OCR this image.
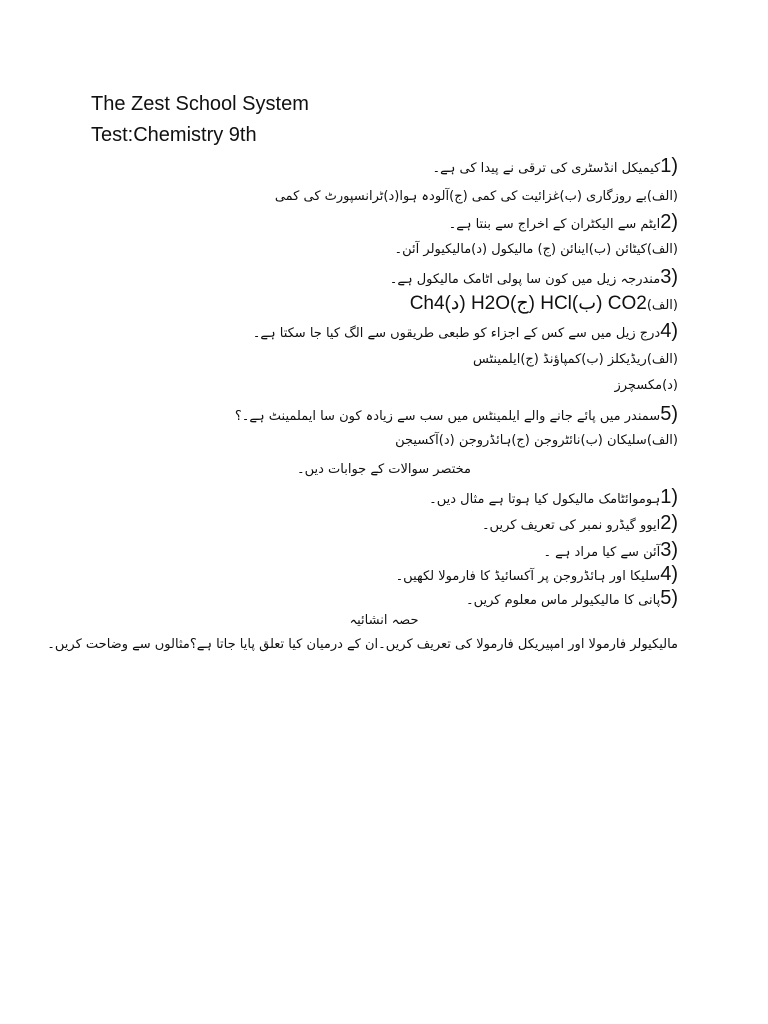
The Zest School System
Test:Chemistry 9th
(1کیمیکل انڈسٹری کی ترقی نے پیدا کی ہے۔
(الف)بے روزگاری (ب)غزائیت کی کمی (ج)آلودہ ہوا(د)ٹرانسپورٹ کی کمی
(2ایٹم سے الیکٹران کے اخراج سے بنتا ہے۔
(الف)کیٹائن (ب)اینائن (ج) مالیکول (د)مالیکیولر آئن۔
(3مندرجہ زیل میں کون سا پولی اٹامک مالیکول ہے۔
(الف)Ch4(د) H2O(ج) HCl(ب) CO2
(4درج زیل میں سے کس کے اجزاء کو طبعی طریقوں سے الگ کیا جا سکتا ہے۔
(الف)ریڈیکلز (ب)کمپاؤنڈ (ج)ایلمینٹس
(د)مکسچرز
(5سمندر میں پائے جانے والے ایلمینٹس میں سب سے زیادہ کون سا ایملمینٹ ہے۔؟
(الف)سلیکان (ب)نائٹروجن (ج)ہائڈروجن (د)آکسیجن
مختصر سوالات کے جوابات دیں۔
(1ہوموائٹامک مالیکول کیا ہوتا ہے مثال دیں۔
(2ایوو گیڈرو نمبر کی تعریف کریں۔
(3آئن سے کیا مراد ہے ۔
(4سلیکا اور ہائڈروجن پر آکسائیڈ کا فارمولا لکھیں۔
(5پانی کا مالیکیولر ماس معلوم کریں۔
حصہ انشائیہ
مالیکیولر فارمولا اور امپیریکل فارمولا کی تعریف کریں۔ان کے درمیان کیا تعلق پایا جاتا ہے؟مثالوں سے وضاحت کریں۔
